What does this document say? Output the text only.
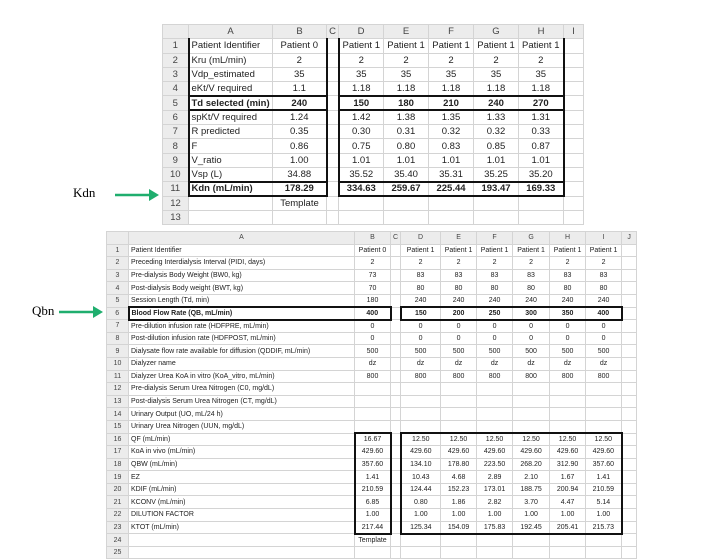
Kdn
Qbn
	A	B	C	D	E	F	G	H	I
1	Patient Identifier	Patient 0		Patient 1	Patient 1	Patient 1	Patient 1	Patient 1	
2	Kru (mL/min)	2		2	2	2	2	2	
3	Vdp_estimated	35		35	35	35	35	35	
4	eKt/V required	1.1		1.18	1.18	1.18	1.18	1.18	
5	Td selected (min)	240		150	180	210	240	270	
6	spKt/V required	1.24		1.42	1.38	1.35	1.33	1.31	
7	R predicted	0.35		0.30	0.31	0.32	0.32	0.33	
8	F	0.86		0.75	0.80	0.83	0.85	0.87	
9	V_ratio	1.00		1.01	1.01	1.01	1.01	1.01	
10	Vsp (L)	34.88		35.52	35.40	35.31	35.25	35.20	
11	Kdn (mL/min)	178.29		334.63	259.67	225.44	193.47	169.33	
12		Template							
13									
	A	B	C	D	E	F	G	H	I	J
1	Patient Identifier	Patient 0		Patient 1	Patient 1	Patient 1	Patient 1	Patient 1	Patient 1	
2	Preceding Interdialysis Interval (PIDI, days)	2		2	2	2	2	2	2	
3	Pre-dialysis Body Weight (BW0, kg)	73		83	83	83	83	83	83	
4	Post-dialysis Body weight (BWT, kg)	70		80	80	80	80	80	80	
5	Session Length (Td, min)	180		240	240	240	240	240	240	
6	Blood Flow Rate (QB, mL/min)	400		150	200	250	300	350	400	
7	Pre-dilution infusion rate (HDFPRE, mL/min)	0		0	0	0	0	0	0	
8	Post-dilution infusion rate (HDFPOST, mL/min)	0		0	0	0	0	0	0	
9	Dialysate flow rate available for diffusion (QDDIF, mL/min)	500		500	500	500	500	500	500	
10	Dialyzer name	dz		dz	dz	dz	dz	dz	dz	
11	Dialyzer Urea KoA in vitro (KoA_vitro, mL/min)	800		800	800	800	800	800	800	
12	Pre-dialysis Serum Urea Nitrogen (C0, mg/dL)									
13	Post-dialysis Serum Urea Nitrogen (CT, mg/dL)									
14	Urinary Output (UO, mL/24 h)									
15	Urinary Urea Nitrogen (UUN, mg/dL)									
16	QF (mL/min)	16.67		12.50	12.50	12.50	12.50	12.50	12.50	
17	KoA in vivo (mL/min)	429.60		429.60	429.60	429.60	429.60	429.60	429.60	
18	QBW (mL/min)	357.60		134.10	178.80	223.50	268.20	312.90	357.60	
19	EZ	1.41		10.43	4.68	2.89	2.10	1.67	1.41	
20	KDIF (mL/min)	210.59		124.44	152.23	173.01	188.75	200.94	210.59	
21	KCONV (mL/min)	6.85		0.80	1.86	2.82	3.70	4.47	5.14	
22	DILUTION FACTOR	1.00		1.00	1.00	1.00	1.00	1.00	1.00	
23	KTOT (mL/min)	217.44		125.34	154.09	175.83	192.45	205.41	215.73	
24		Template								
25										
